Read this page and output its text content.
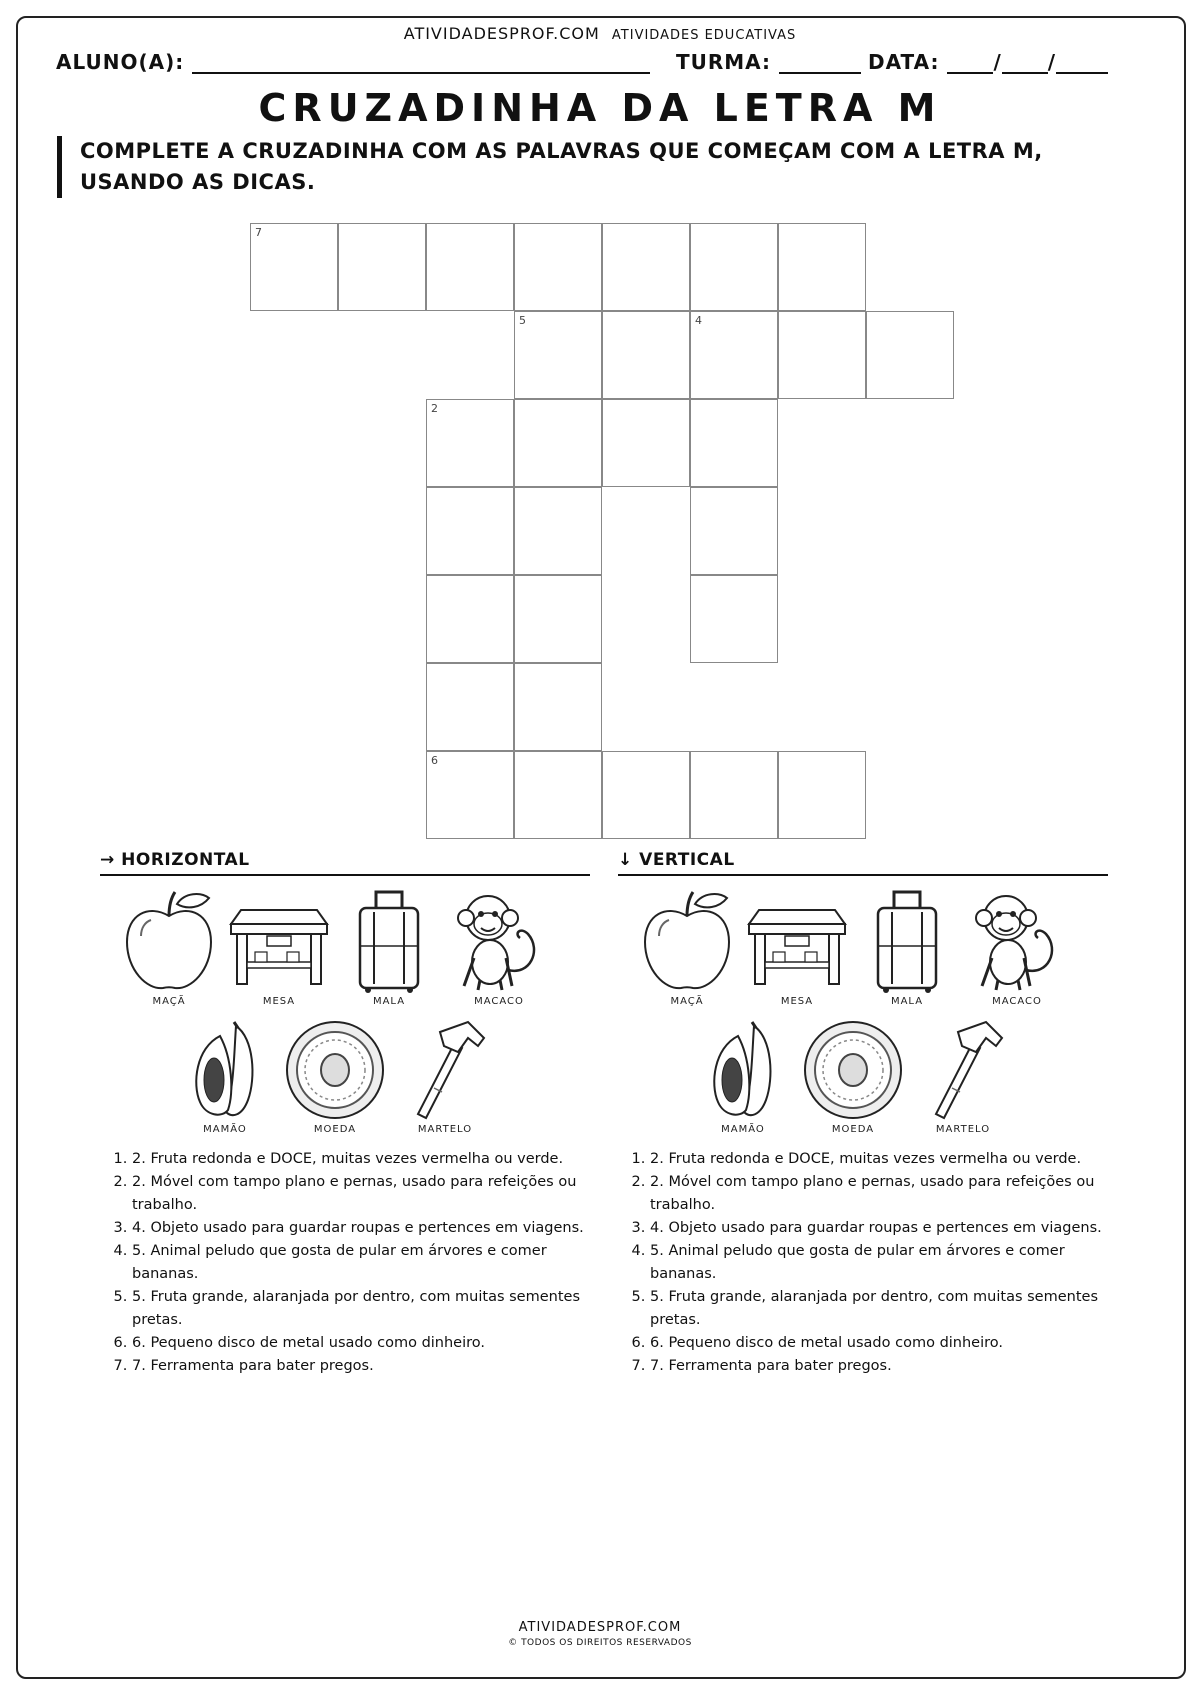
ATIVIDADESPROF.COM ATIVIDADES EDUCATIVAS
ALUNO(A):	TURMA:	DATA:	/ /
CRUZADINHA DA LETRA M
COMPLETE A CRUZADINHA COM AS PALAVRAS QUE COMEÇAM COM A LETRA M, USANDO AS DICAS.
7
5	4
2
6
→ HORIZONTAL
MAÇÃ	MESA	MALA	MACACO
MAMÃO	MOEDA	MARTELO
1. 2. Fruta redonda e DOCE, muitas vezes vermelha ou verde.
2. 2. Móvel com tampo plano e pernas, usado para refeições ou trabalho.
3. 4. Objeto usado para guardar roupas e pertences em viagens.
4. 5. Animal peludo que gosta de pular em árvores e comer bananas.
5. 5. Fruta grande, alaranjada por dentro, com muitas sementes pretas.
6. 6. Pequeno disco de metal usado como dinheiro.
7. 7. Ferramenta para bater pregos.
↓ VERTICAL
MAÇÃ	MESA	MALA	MACACO
MAMÃO	MOEDA	MARTELO
1. 2. Fruta redonda e DOCE, muitas vezes vermelha ou verde.
2. 2. Móvel com tampo plano e pernas, usado para refeições ou trabalho.
3. 4. Objeto usado para guardar roupas e pertences em viagens.
4. 5. Animal peludo que gosta de pular em árvores e comer bananas.
5. 5. Fruta grande, alaranjada por dentro, com muitas sementes pretas.
6. 6. Pequeno disco de metal usado como dinheiro.
7. 7. Ferramenta para bater pregos.
ATIVIDADESPROF.COM
© TODOS OS DIREITOS RESERVADOS
